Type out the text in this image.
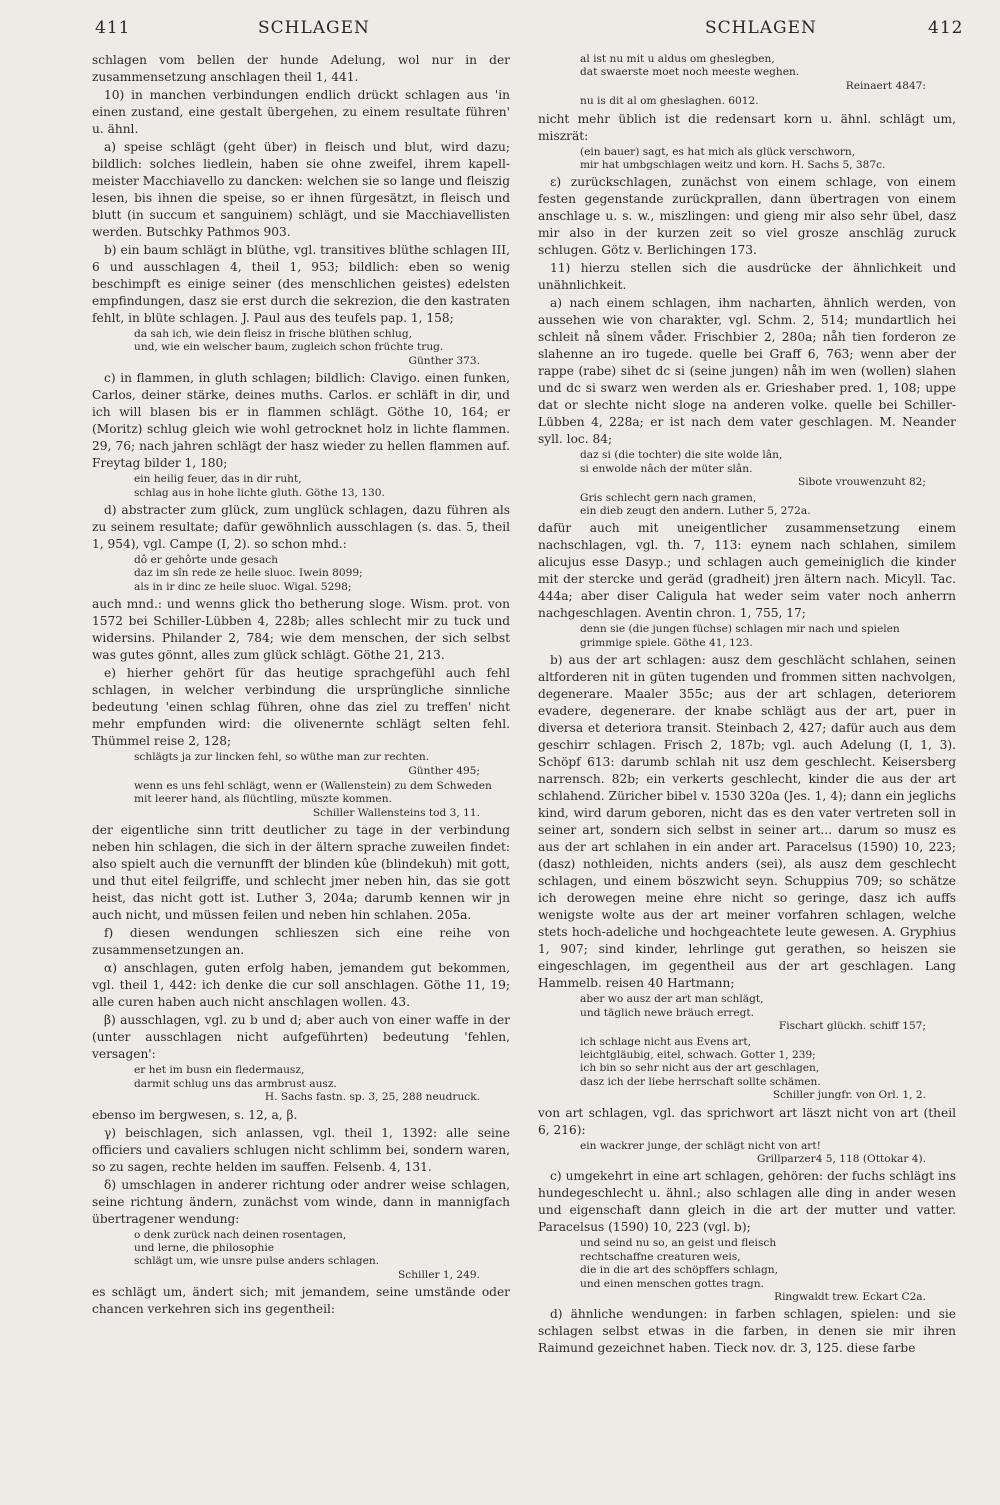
411	SCHLAGEN	SCHLAGEN	412

schlagen vom bellen der hunde Adelung, wol nur in der zusammensetzung anschlagen theil 1, 441.

10) in manchen verbindungen endlich drückt schlagen aus 'in einen zustand, eine gestalt übergehen, zu einem resultate führen' u. ähnl.

a) speise schlägt (geht über) in fleisch und blut, wird dazu; bildlich: solches liedlein, haben sie ohne zweifel, ihrem kapell-meister Macchiavello zu dancken: welchen sie so lange und fleiszig lesen, bis ihnen die speise, so er ihnen fürgesätzt, in fleisch und blutt (in succum et sanguinem) schlägt, und sie Macchiavellisten werden. Butschky Pathmos 903.

b) ein baum schlägt in blüthe, vgl. transitives blüthe schlagen III, 6 und ausschlagen 4, theil 1, 953; bildlich: eben so wenig beschimpft es einige seiner (des menschlichen geistes) edelsten empfindungen, dasz sie erst durch die sekrezion, die den kastraten fehlt, in blüte schlagen. J. Paul aus des teufels pap. 1, 158;

da sah ich, wie dein fleisz in frische blüthen schlug,
und, wie ein welscher baum, zugleich schon früchte trug.
Günther 373.

c) in flammen, in gluth schlagen; bildlich: Clavigo. einen funken, Carlos, deiner stärke, deines muths. Carlos. er schläft in dir, und ich will blasen bis er in flammen schlägt. Göthe 10, 164; er (Moritz) schlug gleich wie wohl getrocknet holz in lichte flammen. 29, 76; nach jahren schlägt der hasz wieder zu hellen flammen auf. Freytag bilder 1, 180;

ein heilig feuer, das in dir ruht,
schlag aus in hohe lichte gluth. Göthe 13, 130.

d) abstracter zum glück, zum unglück schlagen, dazu führen als zu seinem resultate; dafür gewöhnlich ausschlagen (s. das. 5, theil 1, 954), vgl. Campe (I, 2). so schon mhd.:

dô er gehôrte unde gesach
daz im sîn rede ze heile sluoc. Iwein 8099;
als in ir dinc ze heile sluoc. Wigal. 5298;

auch mnd.: und wenns glick tho betherung sloge. Wism. prot. von 1572 bei Schiller-Lübben 4, 228b; alles schlecht mir zu tuck und widersins. Philander 2, 784; wie dem menschen, der sich selbst was gutes gönnt, alles zum glück schlägt. Göthe 21, 213.

e) hierher gehört für das heutige sprachgefühl auch fehl schlagen, in welcher verbindung die ursprüngliche sinnliche bedeutung 'einen schlag führen, ohne das ziel zu treffen' nicht mehr empfunden wird: die olivenernte schlägt selten fehl. Thümmel reise 2, 128;

schlägts ja zur lincken fehl, so wüthe man zur rechten.
Günther 495;
wenn es uns fehl schlägt, wenn er (Wallenstein) zu dem Schweden
mit leerer hand, als flüchtling, müszte kommen.
Schiller Wallensteins tod 3, 11.

der eigentliche sinn tritt deutlicher zu tage in der verbindung neben hin schlagen, die sich in der ältern sprache zuweilen findet: also spielt auch die vernunfft der blinden kûe (blindekuh) mit gott, und thut eitel feilgriffe, und schlecht jmer neben hin, das sie gott heist, das nicht gott ist. Luther 3, 204a; darumb kennen wir jn auch nicht, und müssen feilen und neben hin schlahen. 205a.

f) diesen wendungen schlieszen sich eine reihe von zusammensetzungen an.

α) anschlagen, guten erfolg haben, jemandem gut bekommen, vgl. theil 1, 442: ich denke die cur soll anschlagen. Göthe 11, 19; alle curen haben auch nicht anschlagen wollen. 43.

β) ausschlagen, vgl. zu b und d; aber auch von einer waffe in der (unter ausschlagen nicht aufgeführten) bedeutung 'fehlen, versagen':

er het im busn ein fledermausz,
darmit schlug uns das armbrust ausz.
H. Sachs fastn. sp. 3, 25, 288 neudruck.

ebenso im bergwesen, s. 12, a, β.

γ) beischlagen, sich anlassen, vgl. theil 1, 1392: alle seine officiers und cavaliers schlugen nicht schlimm bei, sondern waren, so zu sagen, rechte helden im sauffen. Felsenb. 4, 131.

δ) umschlagen in anderer richtung oder andrer weise schlagen, seine richtung ändern, zunächst vom winde, dann in mannigfach übertragener wendung:

o denk zurück nach deinen rosentagen,
und lerne, die philosophie
schlägt um, wie unsre pulse anders schlagen.
Schiller 1, 249.

es schlägt um, ändert sich; mit jemandem, seine umstände oder chancen verkehren sich ins gegentheil:

al ist nu mit u aldus om gheslegben,
dat swaerste moet noch meeste weghen.
Reinaert 4847:
nu is dit al om gheslaghen. 6012.

nicht mehr üblich ist die redensart korn u. ähnl. schlägt um, miszrät:

(ein bauer) sagt, es hat mich als glück verschworn,
mir hat umbgschlagen weitz und korn. H. Sachs 5, 387c.

ε) zurückschlagen, zunächst von einem schlage, von einem festen gegenstande zurückprallen, dann übertragen von einem anschlage u. s. w., miszlingen: und gieng mir also sehr übel, dasz mir also in der kurzen zeit so viel grosze anschläg zuruck schlugen. Götz v. Berlichingen 173.

11) hierzu stellen sich die ausdrücke der ähnlichkeit und unähnlichkeit.

a) nach einem schlagen, ihm nacharten, ähnlich werden, von aussehen wie von charakter, vgl. Schm. 2, 514; mundartlich hei schleit nå sînem våder. Frischbier 2, 280a; nåh tien forderon ze slahenne an iro tugede. quelle bei Graff 6, 763; wenn aber der rappe (rabe) sihet dc si (seine jungen) nåh im wen (wollen) slahen und dc si swarz wen werden als er. Grieshaber pred. 1, 108; uppe dat or slechte nicht sloge na anderen volke. quelle bei Schiller-Lübben 4, 228a; er ist nach dem vater geschlagen. M. Neander syll. loc. 84;

daz si (die tochter) die site wolde lân,
si enwolde nâch der müter slân.
Sibote vrouwenzuht 82;
Gris schlecht gern nach gramen,
ein dieb zeugt den andern. Luther 5, 272a.

dafür auch mit uneigentlicher zusammensetzung einem nachschlagen, vgl. th. 7, 113: eynem nach schlahen, similem alicujus esse Dasyp.; und schlagen auch gemeiniglich die kinder mit der stercke und geräd (gradheit) jren ältern nach. Micyll. Tac. 444a; aber diser Caligula hat weder seim vater noch anherrn nachgeschlagen. Aventin chron. 1, 755, 17;

denn sie (die jungen füchse) schlagen mir nach und spielen
grimmige spiele. Göthe 41, 123.

b) aus der art schlagen: ausz dem geschlächt schlahen, seinen altforderen nit in güten tugenden und frommen sitten nachvolgen, degenerare. Maaler 355c; aus der art schlagen, deteriorem evadere, degenerare. der knabe schlägt aus der art, puer in diversa et deteriora transit. Steinbach 2, 427; dafür auch aus dem geschirr schlagen. Frisch 2, 187b; vgl. auch Adelung (I, 1, 3). Schöpf 613: darumb schlah nit usz dem geschlecht. Keisersberg narrensch. 82b; ein verkerts geschlecht, kinder die aus der art schlahend. Züricher bibel v. 1530 320a (Jes. 1, 4); dann ein jeglichs kind, wird darum geboren, nicht das es den vater vertreten soll in seiner art, sondern sich selbst in seiner art... darum so musz es aus der art schlahen in ein ander art. Paracelsus (1590) 10, 223; (dasz) nothleiden, nichts anders (sei), als ausz dem geschlecht schlagen, und einem böszwicht seyn. Schuppius 709; so schätze ich derowegen meine ehre nicht so geringe, dasz ich auffs wenigste wolte aus der art meiner vorfahren schlagen, welche stets hoch-adeliche und hochgeachtete leute gewesen. A. Gryphius 1, 907; sind kinder, lehrlinge gut gerathen, so heiszen sie eingeschlagen, im gegentheil aus der art geschlagen. Lang Hammelb. reisen 40 Hartmann;

aber wo ausz der art man schlägt,
und täglich newe bräuch erregt.
Fischart glückh. schiff 157;
ich schlage nicht aus Evens art,
leichtgläubig, eitel, schwach. Gotter 1, 239;
ich bin so sehr nicht aus der art geschlagen,
dasz ich der liebe herrschaft sollte schämen.
Schiller jungfr. von Orl. 1, 2.

von art schlagen, vgl. das sprichwort art läszt nicht von art (theil 6, 216):

ein wackrer junge, der schlägt nicht von art!
Grillparzer4 5, 118 (Ottokar 4).

c) umgekehrt in eine art schlagen, gehören: der fuchs schlägt ins hundegeschlecht u. ähnl.; also schlagen alle ding in ander wesen und eigenschaft dann gleich in die art der mutter und vatter. Paracelsus (1590) 10, 223 (vgl. b);

und seind nu so, an geist und fleisch
rechtschaffne creaturen weis,
die in die art des schöpffers schlagn,
und einen menschen gottes tragn.
Ringwaldt trew. Eckart C2a.

d) ähnliche wendungen: in farben schlagen, spielen: und sie schlagen selbst etwas in die farben, in denen sie mir ihren Raimund gezeichnet haben. Tieck nov. dr. 3, 125. diese farbe
